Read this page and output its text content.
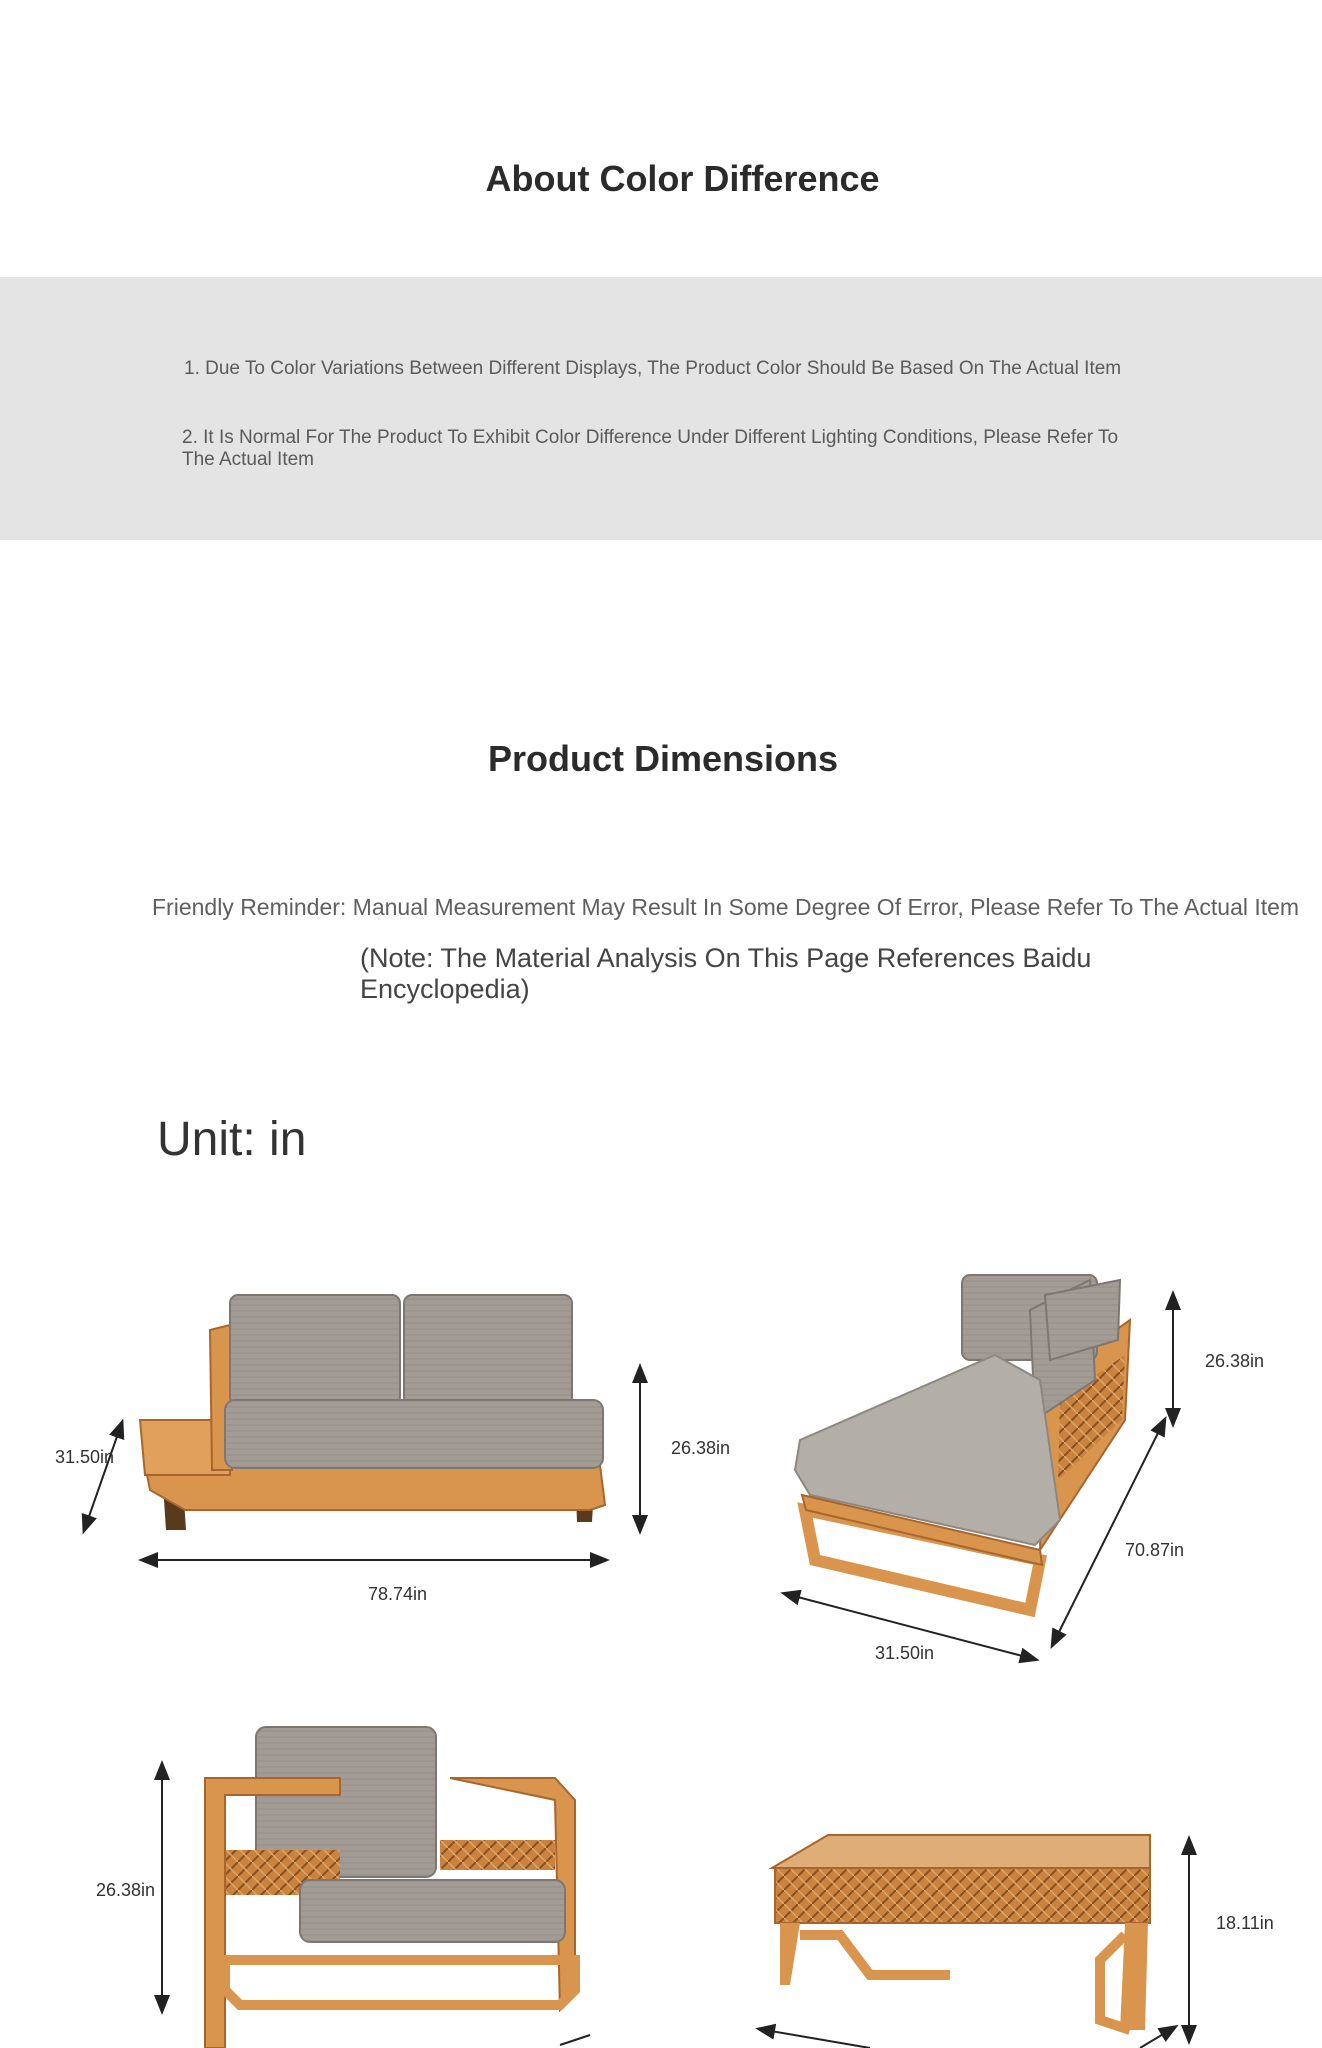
About Color Difference
1. Due To Color Variations Between Different Displays, The Product Color Should Be Based On The Actual Item
2. It Is Normal For The Product To Exhibit Color Difference Under Different Lighting Conditions, Please Refer To The Actual Item
Product Dimensions
Friendly Reminder: Manual Measurement May Result In Some Degree Of Error, Please Refer To The Actual Item
(Note: The Material Analysis On This Page References Baidu Encyclopedia)
Unit: in
31.50in	26.38in
78.74in
26.38in
70.87in
31.50in
26.38in
18.11in
